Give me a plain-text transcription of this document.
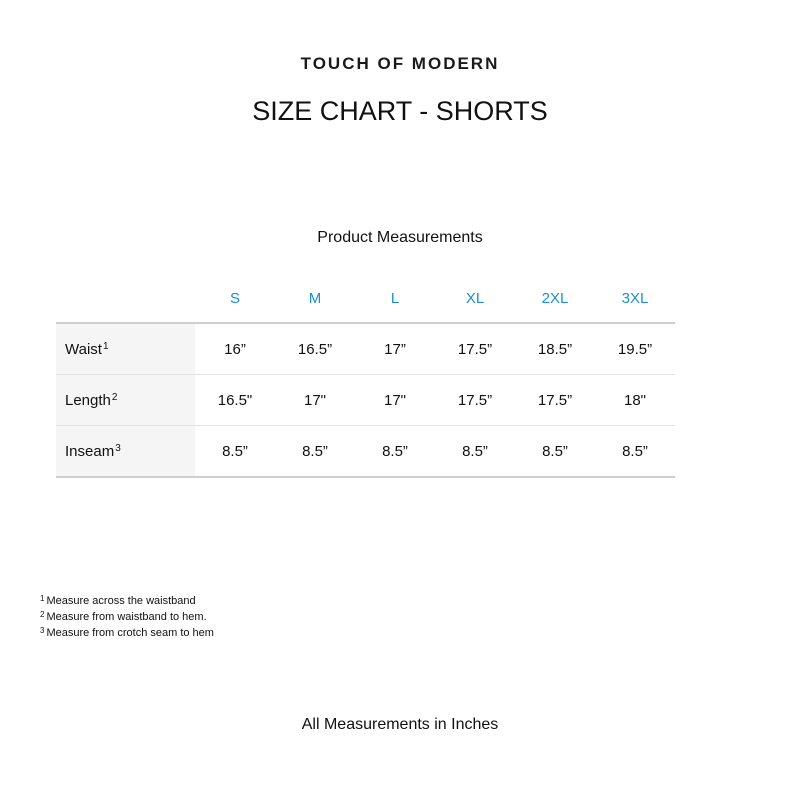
TOUCH OF MODERN
SIZE CHART - SHORTS
Product Measurements
	S	M	L	XL	2XL	3XL
Waist$^1$	16”	16.5”	17”	17.5”	18.5”	19.5”
Length$^2$	16.5"	17"	17"	17.5”	17.5”	18"
Inseam$^3$	8.5”	8.5”	8.5”	8.5”	8.5”	8.5”
$^1$ Measure across the waistband
$^2$ Measure from waistband to hem.
$^3$ Measure from crotch seam to hem
All Measurements in Inches
